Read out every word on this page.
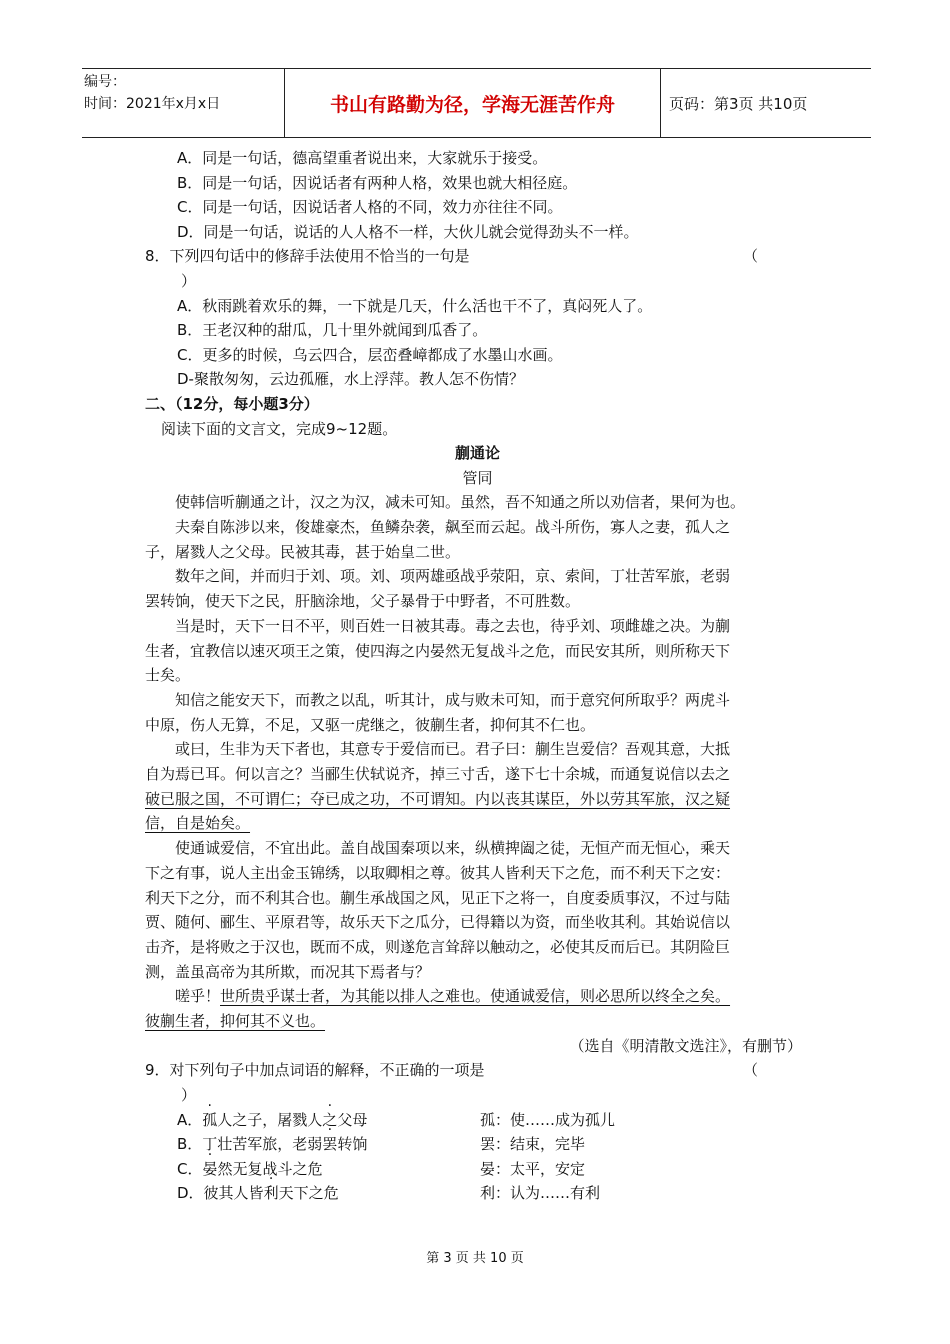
编号：
时间：2021年x月x日	书山有路勤为径，学海无涯苦作舟	页码：第3页 共10页
A．同是一句话，德高望重者说出来，大家就乐于接受。
B．同是一句话，因说话者有两种人格，效果也就大相径庭。
C．同是一句话，因说话者人格的不同，效力亦往往不同。
D．同是一句话，说话的人人格不一样，大伙儿就会觉得劲头不一样。
8．下列四句话中的修辞手法使用不恰当的一句是	（
）
A．秋雨跳着欢乐的舞，一下就是几天，什么活也干不了，真闷死人了。
B．王老汉种的甜瓜，几十里外就闻到瓜香了。
C．更多的时候，乌云四合，层峦叠嶂都成了水墨山水画。
D-聚散匆匆，云边孤雁，水上浮萍。教人怎不伤情？
二、（12分，每小题3分）
阅读下面的文言文，完成9~12题。
蒯通论
管同
使韩信听蒯通之计，汉之为汉，减未可知。虽然，吾不知通之所以劝信者，果何为也。
夫秦自陈涉以来，俊雄豪杰，鱼鳞杂袭，飙至而云起。战斗所伤，寡人之妻，孤人之
子，屠戮人之父母。民被其毒，甚于始皇二世。
数年之间，并而归于刘、项。刘、项两雄亟战乎荥阳，京、索间，丁壮苦军旅，老弱
罢转饷，使天下之民，肝脑涂地，父子暴骨于中野者，不可胜数。
当是时，天下一日不平，则百姓一日被其毒。毒之去也，待乎刘、项雌雄之决。为蒯
生者，宜教信以速灭项王之策，使四海之内晏然无复战斗之危，而民安其所，则所称天下
士矣。
知信之能安天下，而教之以乱，听其计，成与败未可知，而于意究何所取乎？两虎斗
中原，伤人无算，不足，又驱一虎继之，彼蒯生者，抑何其不仁也。
或曰，生非为天下者也，其意专于爱信而已。君子曰：蒯生岂爱信？吾观其意，大抵
自为焉已耳。何以言之？当郦生伏轼说齐，掉三寸舌，遂下七十余城，而通复说信以去之
破已服之国，不可谓仁；夺已成之功，不可谓知。内以丧其谋臣，外以劳其军旅，汉之疑
信，自是始矣。
使通诚爱信，不宜出此。盖自战国秦项以来，纵横捭阖之徒，无恒产而无恒心，乘天
下之有事，说人主出金玉锦绣，以取卿相之尊。彼其人皆利天下之危，而不利天下之安：
利天下之分，而不利其合也。蒯生承战国之风，见正下之将一，自度委质事汉，不过与陆
贾、随何、郦生、平原君等，故乐天下之瓜分，已得籍以为资，而坐收其利。其始说信以
击齐，是将败之于汉也，既而不成，则遂危言耸辞以触动之，必使其反而后已。其阴险巨
测，盖虽高帝为其所欺，而况其下焉者与？
嗟乎！世所贵乎谋士者，为其能以排人之难也。使通诚爱信，则必思所以终全之矣。
彼蒯生者，抑何其不义也。
（选自《明清散文选注》，有删节）
9．对下列句子中加点词语的解释，不正确的一项是	（
）
A．孤人之子，屠戮人之父母	孤：使……成为孤儿
B．丁壮苦军旅，老弱罢转饷	罢：结束，完毕
C．晏然无复战斗之危	晏：太平，安定
D．彼其人皆利天下之危	利：认为……有利
第 3 页 共 10 页
